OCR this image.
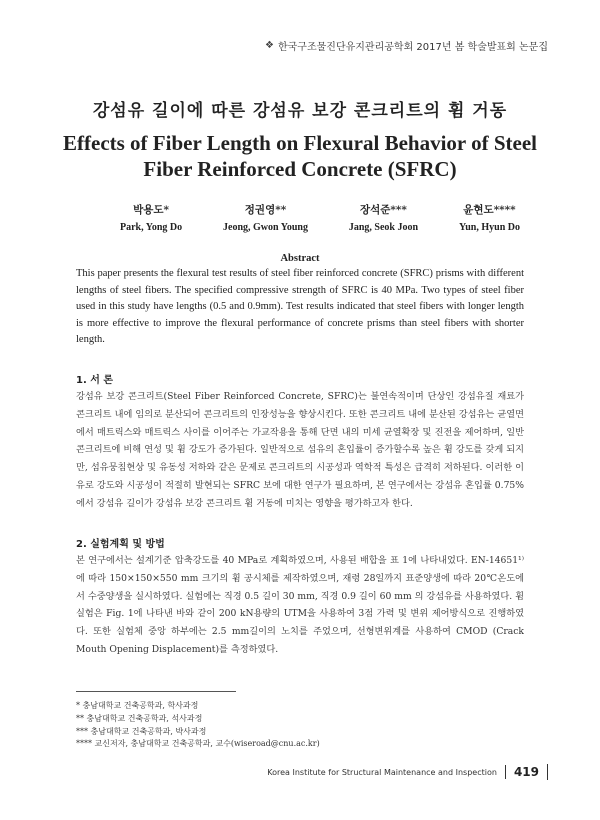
❖ 한국구조물진단유지관리공학회 2017년 봄 학술발표회 논문집
강섬유 길이에 따른 강섬유 보강 콘크리트의 휨 거동
Effects of Fiber Length on Flexural Behavior of Steel Fiber Reinforced Concrete (SFRC)
박용도*
Park, Yong Do
정권영**
Jeong, Gwon Young
장석준***
Jang, Seok Joon
윤현도****
Yun, Hyun Do
Abstract
This paper presents the flexural test results of steel fiber reinforced concrete (SFRC) prisms with different lengths of steel fibers. The specified compressive strength of SFRC is 40 MPa. Two types of steel fiber used in this study have lengths (0.5 and 0.9mm). Test results indicated that steel fibers with longer length is more effective to improve the flexural performance of concrete prisms than steel fibers with shorter length.
1. 서 론
강섬유 보강 콘크리트(Steel Fiber Reinforced Concrete, SFRC)는 불연속적이며 단상인 강섬유질 재료가 콘크리트 내에 임의로 분산되어 콘크리트의 인장성능을 향상시킨다. 또한 콘크리트 내에 분산된 강섬유는 균열면에서 매트릭스와 매트릭스 사이를 이어주는 가교작용을 통해 단면 내의 미세 균열확장 및 진전을 제어하며, 일반콘크리트에 비해 연성 및 휨 강도가 증가된다. 일반적으로 섬유의 혼입률이 증가할수록 높은 휨 강도를 갖게 되지만, 섬유뭉침현상 및 유동성 저하와 같은 문제로 콘크리트의 시공성과 역학적 특성은 급격히 저하된다. 이러한 이유로 강도와 시공성이 적절히 발현되는 SFRC 보에 대한 연구가 필요하며, 본 연구에서는 강섬유 혼입률 0.75%에서 강섬유 길이가 강섬유 보강 콘크리트 휨 거동에 미치는 영향을 평가하고자 한다.
2. 실험계획 및 방법
본 연구에서는 설계기준 압축강도를 40 MPa로 계획하였으며, 사용된 배합을 표 1에 나타내었다. EN-14651¹⁾에 따라 150×150×550 mm 크기의 휨 공시체를 제작하였으며, 재령 28일까지 표준양생에 따라 20℃온도에서 수중양생을 실시하였다. 실험에는 직경 0.5 길이 30 mm, 직경 0.9 길이 60 mm 의 강섬유를 사용하였다. 휨 실험은 Fig. 1에 나타낸 바와 같이 200 kN용량의 UTM을 사용하여 3점 가력 및 변위 제어방식으로 진행하였다. 또한 실험체 중앙 하부에는 2.5 mm길이의 노치를 주었으며, 선형변위계를 사용하여 CMOD (Crack Mouth Opening Displacement)를 측정하였다.
* 충남대학교 건축공학과, 학사과정
** 충남대학교 건축공학과, 석사과정
*** 충남대학교 건축공학과, 박사과정
**** 교신저자, 충남대학교 건축공학과, 교수(wiseroad@cnu.ac.kr)
Korea Institute for Structural Maintenance and Inspection 419
